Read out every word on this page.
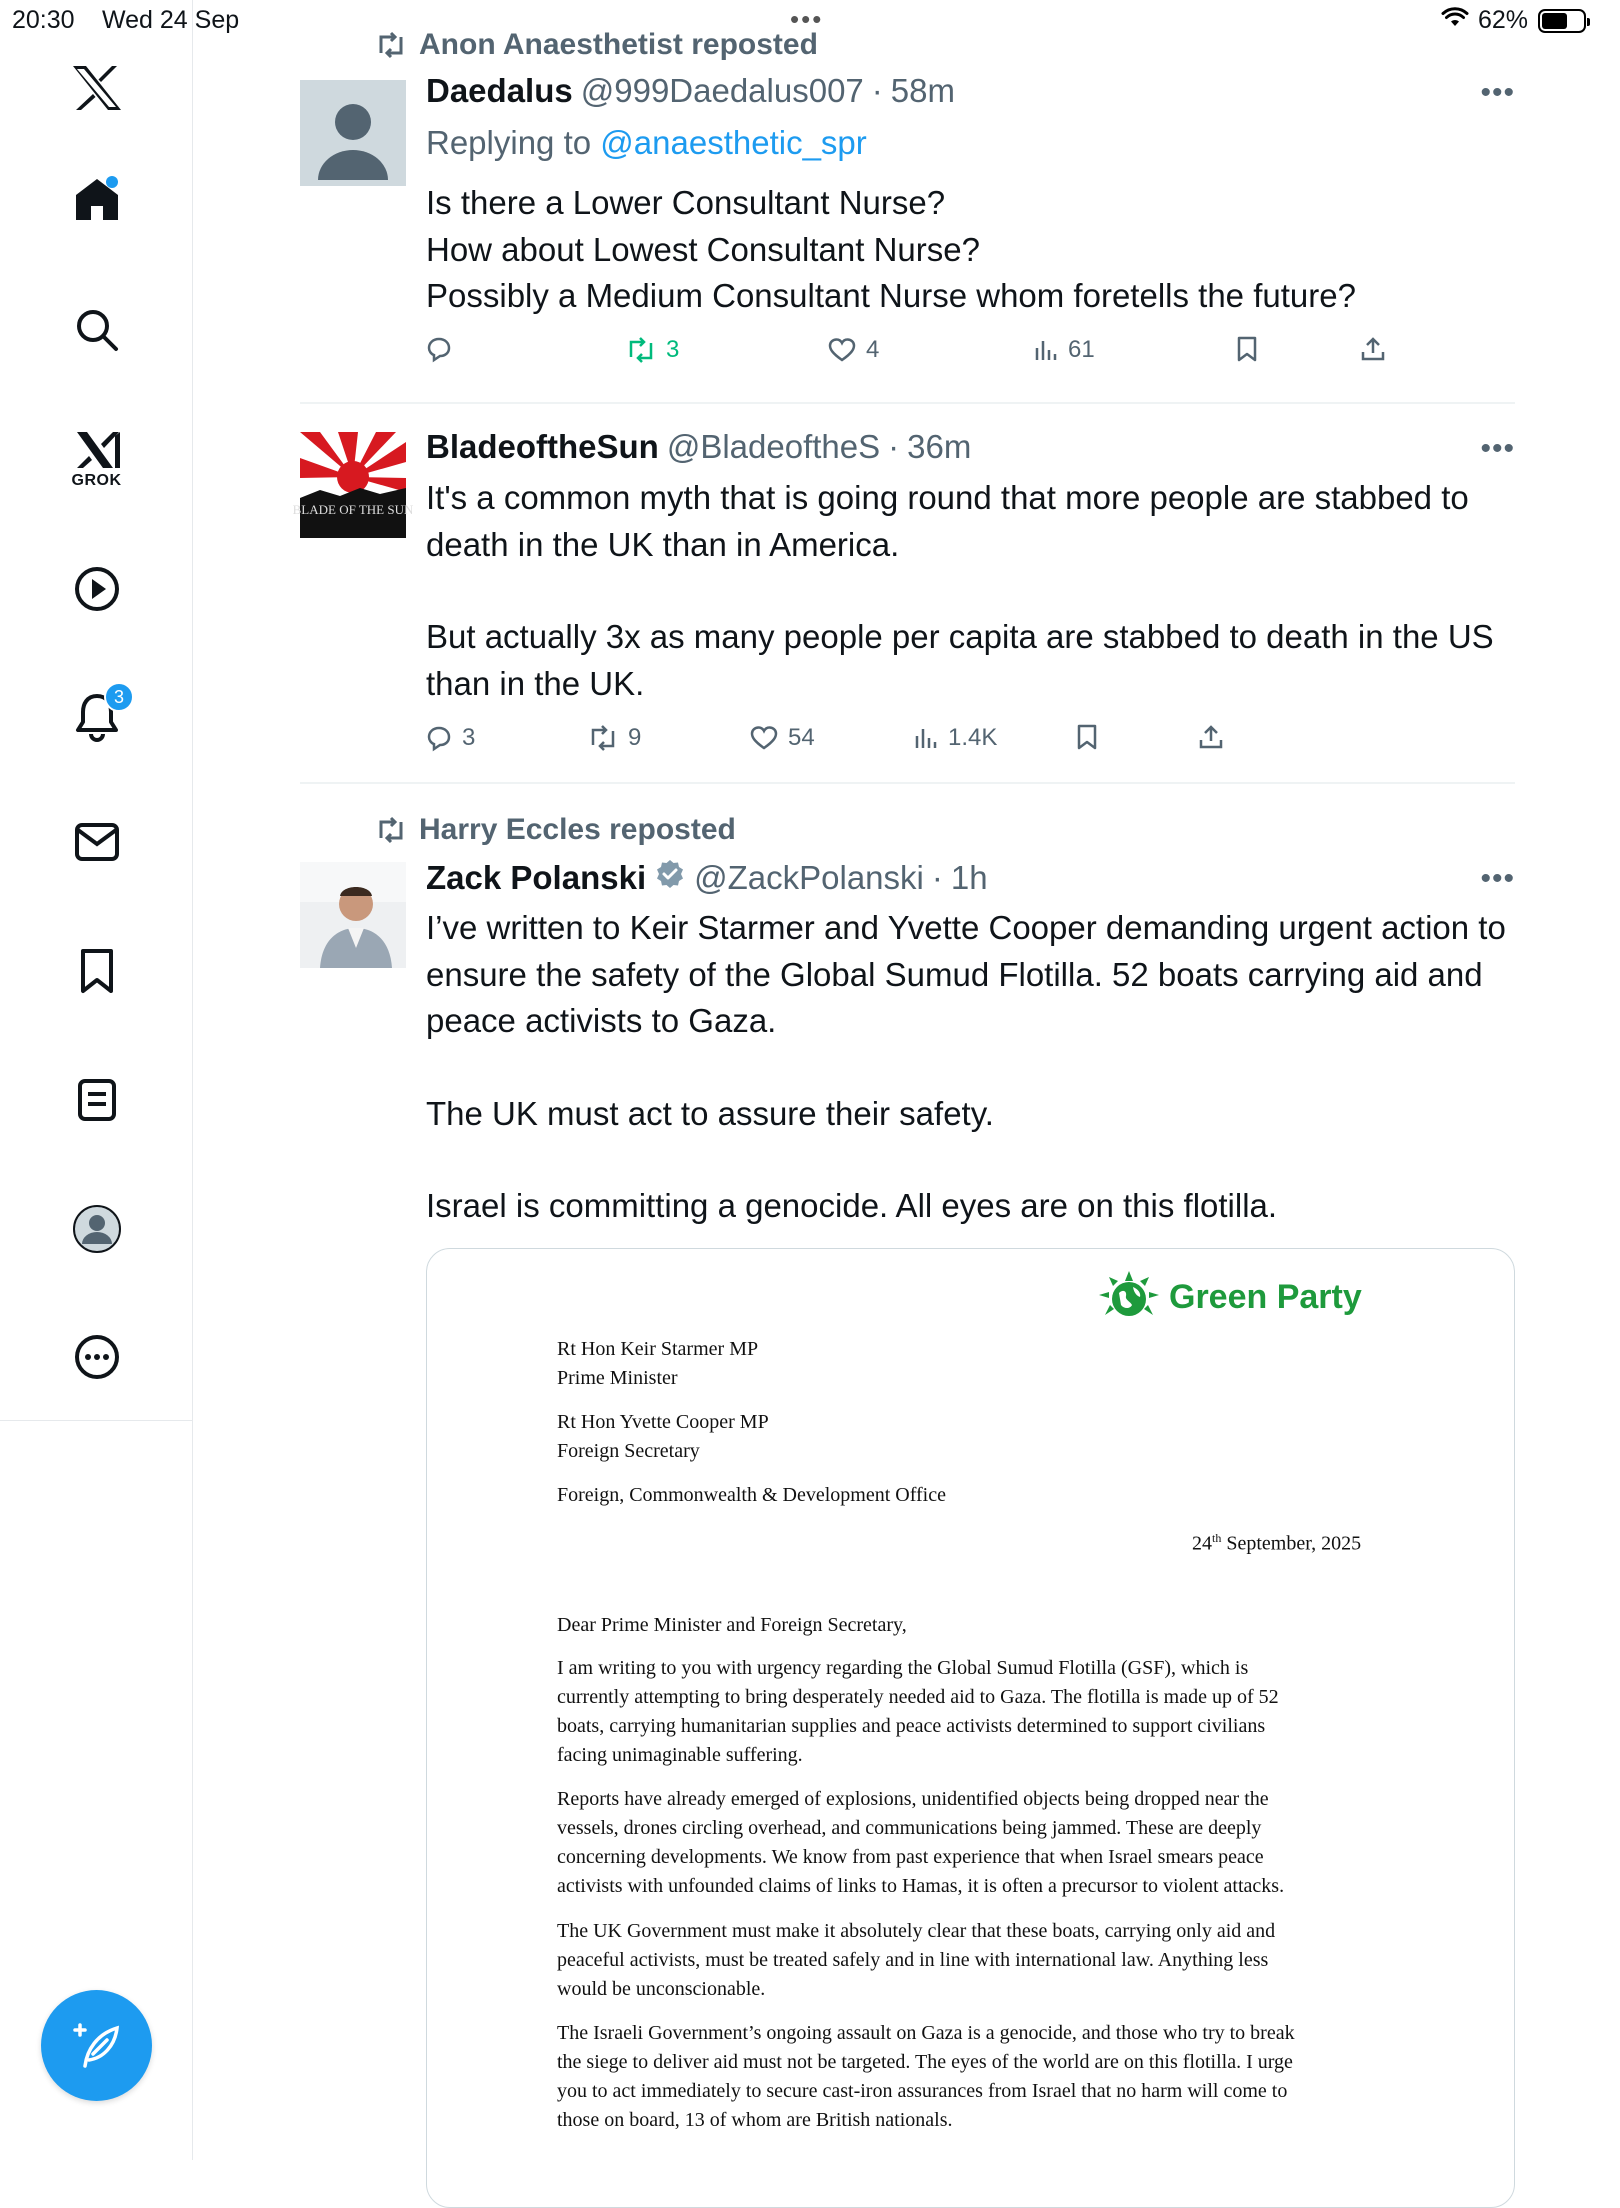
20:30 Wed 24 Sep	•••	62%
GROK
3
Anon Anaesthetist reposted
Daedalus @999Daedalus007 · 58m	•••
Replying to @anaesthetic_spr

Is there a Lower Consultant Nurse?

How about Lowest Consultant Nurse?

Possibly a Medium Consultant Nurse whom foretells the future?

3	4	61
BLADE OF THE SUN
BladeoftheSun @BladeoftheS · 36m	•••

It's a common myth that is going round that more people are stabbed to death in the UK than in America.

But actually 3x as many people per capita are stabbed to death in the US than in the UK.

3	9	54	1.4K
Harry Eccles reposted
Zack Polanski @ZackPolanski · 1h	•••

I’ve written to Keir Starmer and Yvette Cooper demanding urgent action to ensure the safety of the Global Sumud Flotilla. 52 boats carrying aid and peace activists to Gaza.

The UK must act to assure their safety.

Israel is committing a genocide. All eyes are on this flotilla.

Green Party

Rt Hon Keir Starmer MP

Prime Minister

Rt Hon Yvette Cooper MP

Foreign Secretary

Foreign, Commonwealth & Development Office

24th September, 2025

Dear Prime Minister and Foreign Secretary,

I am writing to you with urgency regarding the Global Sumud Flotilla (GSF), which is

currently attempting to bring desperately needed aid to Gaza. The flotilla is made up of 52

boats, carrying humanitarian supplies and peace activists determined to support civilians

facing unimaginable suffering.

Reports have already emerged of explosions, unidentified objects being dropped near the

vessels, drones circling overhead, and communications being jammed. These are deeply

concerning developments. We know from past experience that when Israel smears peace

activists with unfounded claims of links to Hamas, it is often a precursor to violent attacks.

The UK Government must make it absolutely clear that these boats, carrying only aid and

peaceful activists, must be treated safely and in line with international law. Anything less

would be unconscionable.

The Israeli Government’s ongoing assault on Gaza is a genocide, and those who try to break

the siege to deliver aid must not be targeted. The eyes of the world are on this flotilla. I urge

you to act immediately to secure cast-iron assurances from Israel that no harm will come to

those on board, 13 of whom are British nationals.
